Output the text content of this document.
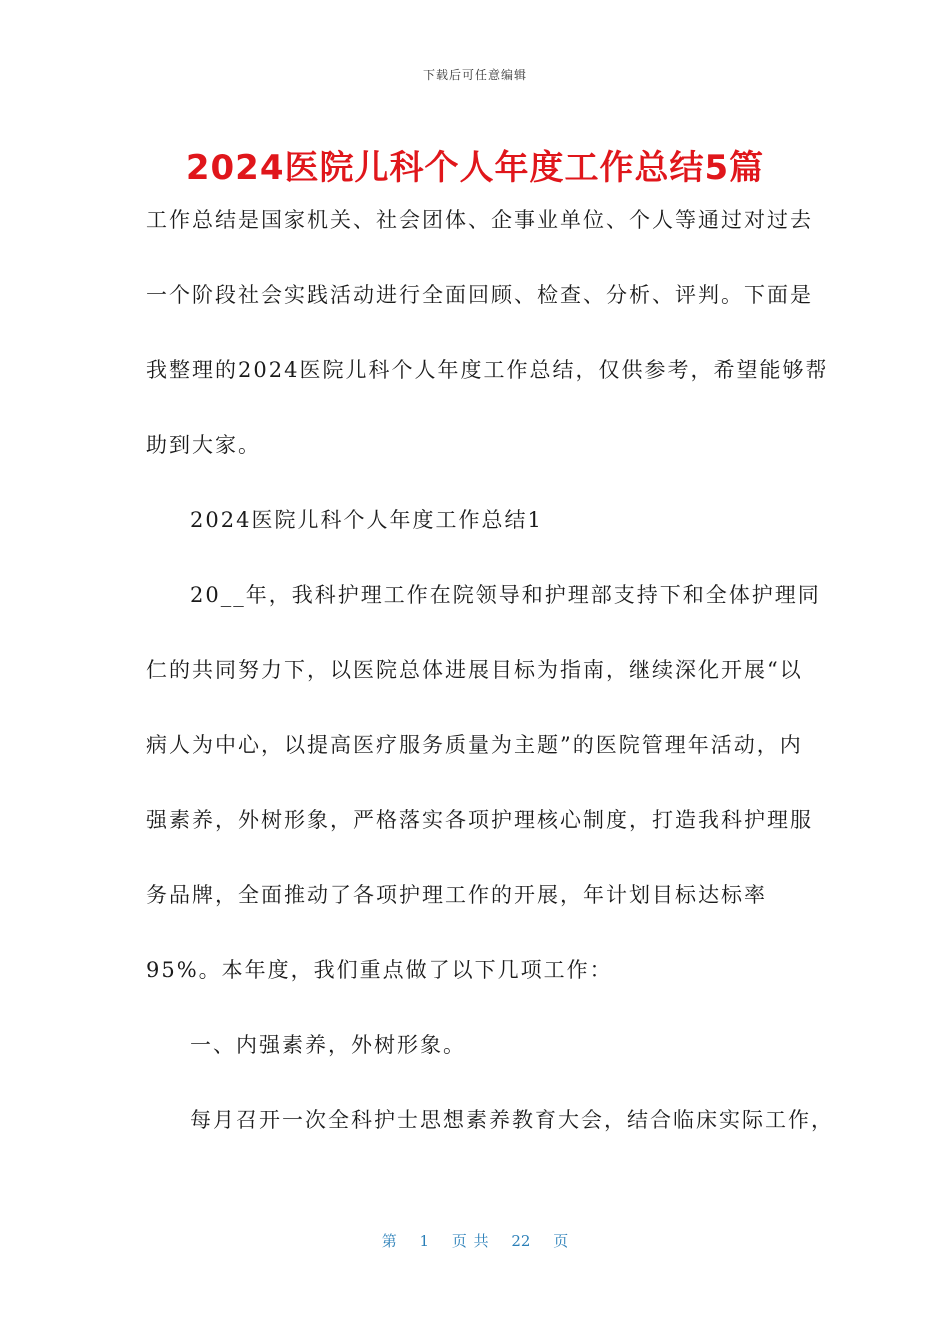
下载后可任意编辑
2024医院儿科个人年度工作总结5篇
工作总结是国家机关、社会团体、企事业单位、个人等通过对过去
一个阶段社会实践活动进行全面回顾、检查、分析、评判。下面是
我整理的2024医院儿科个人年度工作总结，仅供参考，希望能够帮
助到大家。
2024医院儿科个人年度工作总结1
20__年，我科护理工作在院领导和护理部支持下和全体护理同
仁的共同努力下，以医院总体进展目标为指南，继续深化开展“以
病人为中心，以提高医疗服务质量为主题”的医院管理年活动，内
强素养，外树形象，严格落实各项护理核心制度，打造我科护理服
务品牌，全面推动了各项护理工作的开展，年计划目标达标率
95%。本年度，我们重点做了以下几项工作：
一、内强素养，外树形象。
每月召开一次全科护士思想素养教育大会，结合临床实际工作，
第 1 页 共 22 页
